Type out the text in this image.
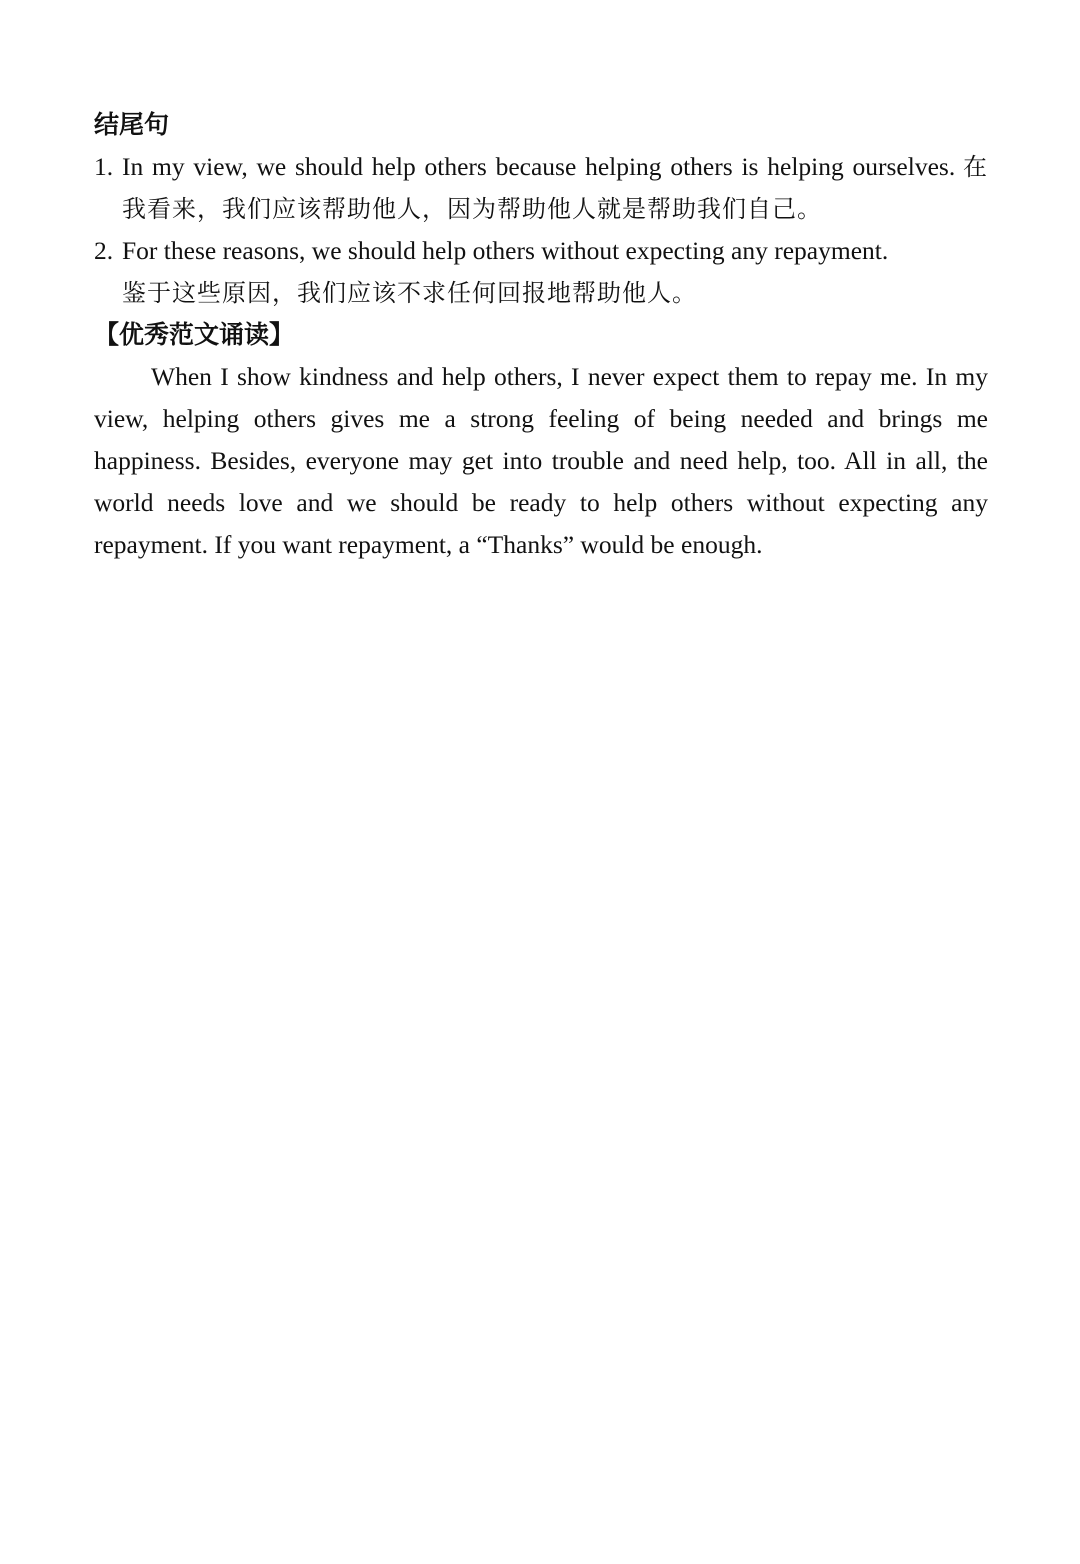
结尾句
1. In my view, we should help others because helping others is helping ourselves. 在我看来，我们应该帮助他人，因为帮助他人就是帮助我们自己。
2. For these reasons, we should help others without expecting any repayment.
鉴于这些原因，我们应该不求任何回报地帮助他人。
【优秀范文诵读】

When I show kindness and help others, I never expect them to repay me. In my view, helping others gives me a strong feeling of being needed and brings me happiness. Besides, everyone may get into trouble and need help, too. All in all, the world needs love and we should be ready to help others without expecting any repayment. If you want repayment, a “Thanks” would be enough.
